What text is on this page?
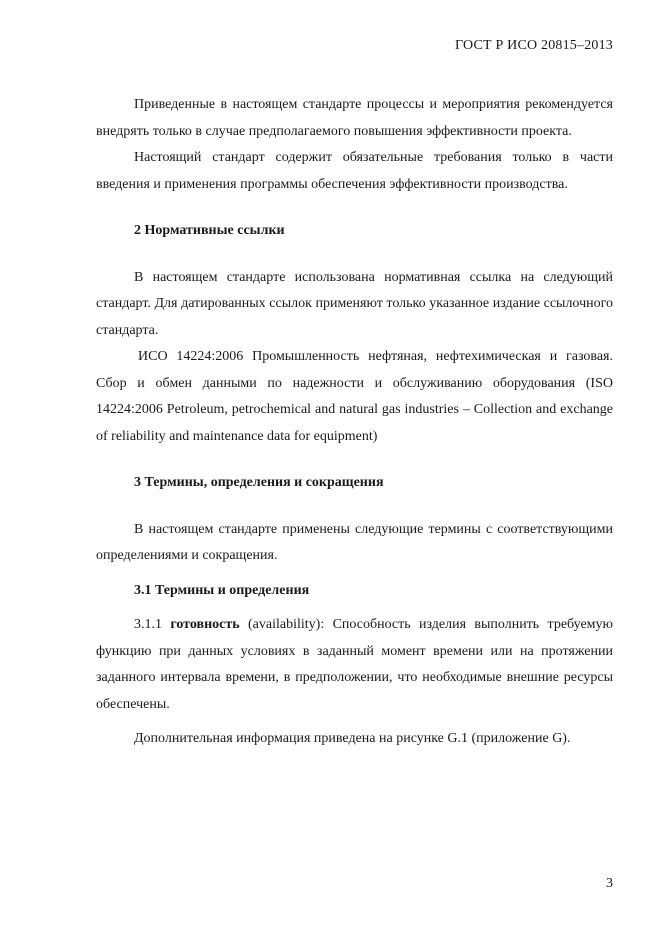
ГОСТ Р ИСО 20815–2013

Приведенные в настоящем стандарте процессы и мероприятия рекомендуется внедрять только в случае предполагаемого повышения эффективности проекта.

Настоящий стандарт содержит обязательные требования только в части введения и применения программы обеспечения эффективности производства.

2 Нормативные ссылки

В настоящем стандарте использована нормативная ссылка на следующий стандарт. Для датированных ссылок применяют только указанное издание ссылочного стандарта.

ИСО 14224:2006 Промышленность нефтяная, нефтехимическая и газовая. Сбор и обмен данными по надежности и обслуживанию оборудования (ISO 14224:2006 Petroleum, petrochemical and natural gas industries – Collection and exchange of reliability and maintenance data for equipment)

3 Термины, определения и сокращения

В настоящем стандарте применены следующие термины с соответствующими определениями и сокращения.

3.1 Термины и определения

3.1.1 готовность (availability): Способность изделия выполнить требуемую функцию при данных условиях в заданный момент времени или на протяжении заданного интервала времени, в предположении, что необходимые внешние ресурсы обеспечены.

Дополнительная информация приведена на рисунке G.1 (приложение G).

3
